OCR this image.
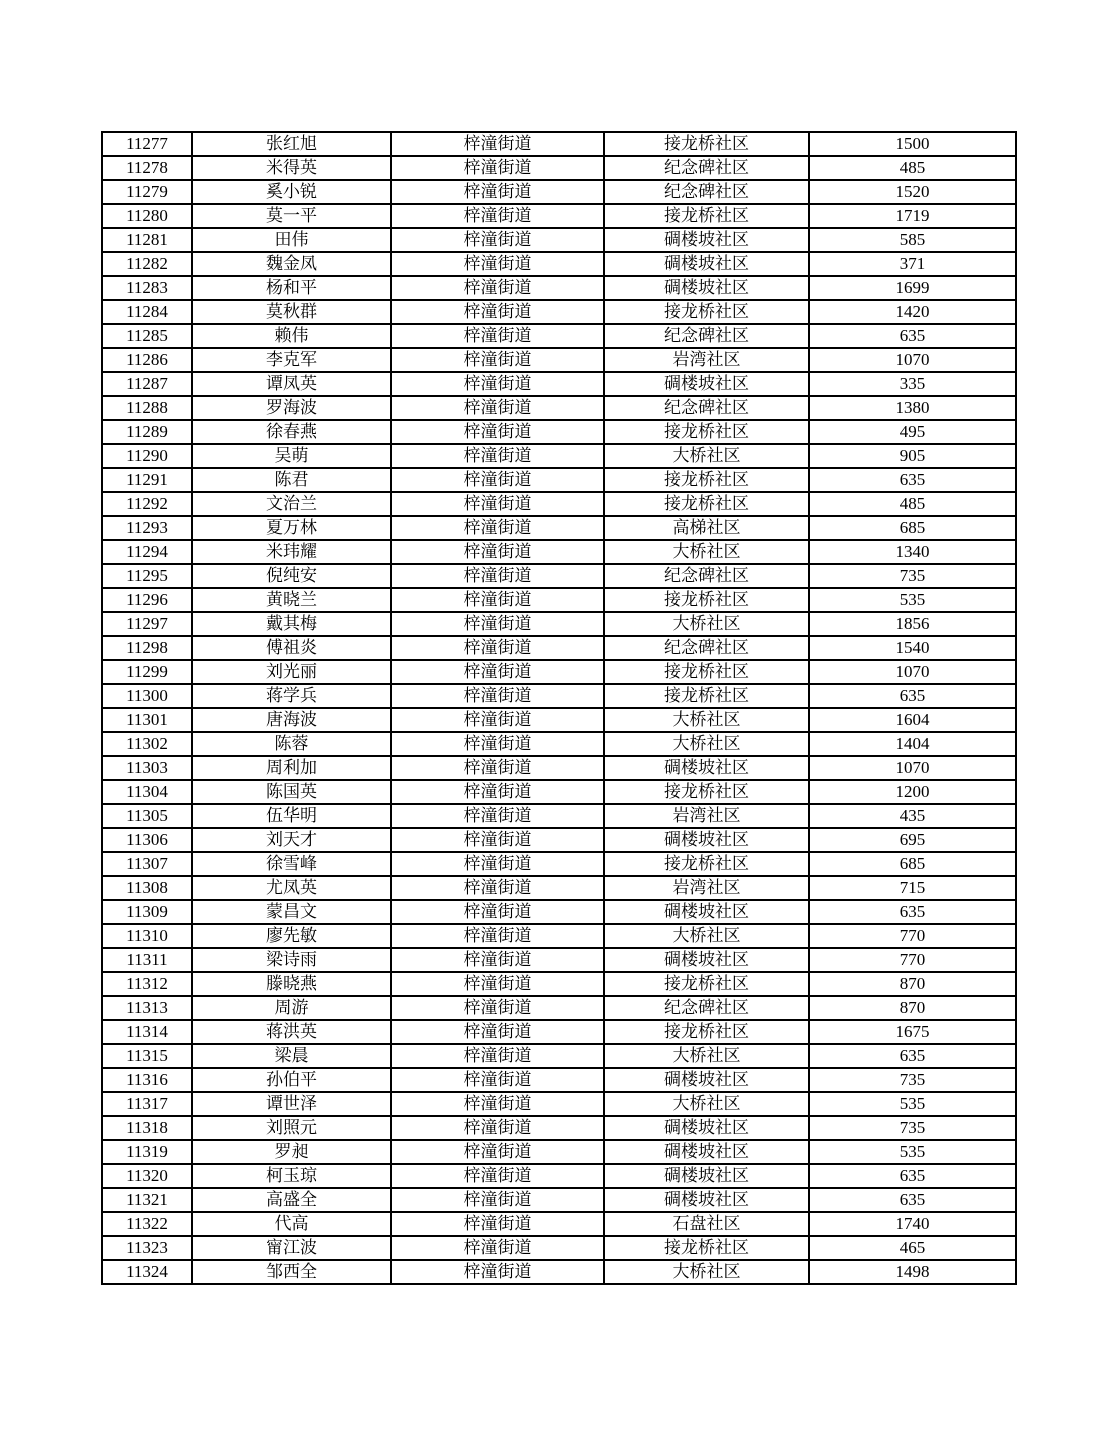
11277	张红旭	梓潼街道	接龙桥社区	1500
11278	米得英	梓潼街道	纪念碑社区	485
11279	奚小锐	梓潼街道	纪念碑社区	1520
11280	莫一平	梓潼街道	接龙桥社区	1719
11281	田伟	梓潼街道	碉楼坡社区	585
11282	魏金凤	梓潼街道	碉楼坡社区	371
11283	杨和平	梓潼街道	碉楼坡社区	1699
11284	莫秋群	梓潼街道	接龙桥社区	1420
11285	赖伟	梓潼街道	纪念碑社区	635
11286	李克军	梓潼街道	岩湾社区	1070
11287	谭凤英	梓潼街道	碉楼坡社区	335
11288	罗海波	梓潼街道	纪念碑社区	1380
11289	徐春燕	梓潼街道	接龙桥社区	495
11290	吴萌	梓潼街道	大桥社区	905
11291	陈君	梓潼街道	接龙桥社区	635
11292	文治兰	梓潼街道	接龙桥社区	485
11293	夏万林	梓潼街道	高梯社区	685
11294	米玮耀	梓潼街道	大桥社区	1340
11295	倪纯安	梓潼街道	纪念碑社区	735
11296	黄晓兰	梓潼街道	接龙桥社区	535
11297	戴其梅	梓潼街道	大桥社区	1856
11298	傅祖炎	梓潼街道	纪念碑社区	1540
11299	刘光丽	梓潼街道	接龙桥社区	1070
11300	蒋学兵	梓潼街道	接龙桥社区	635
11301	唐海波	梓潼街道	大桥社区	1604
11302	陈蓉	梓潼街道	大桥社区	1404
11303	周利加	梓潼街道	碉楼坡社区	1070
11304	陈国英	梓潼街道	接龙桥社区	1200
11305	伍华明	梓潼街道	岩湾社区	435
11306	刘天才	梓潼街道	碉楼坡社区	695
11307	徐雪峰	梓潼街道	接龙桥社区	685
11308	尤凤英	梓潼街道	岩湾社区	715
11309	蒙昌文	梓潼街道	碉楼坡社区	635
11310	廖先敏	梓潼街道	大桥社区	770
11311	梁诗雨	梓潼街道	碉楼坡社区	770
11312	滕晓燕	梓潼街道	接龙桥社区	870
11313	周游	梓潼街道	纪念碑社区	870
11314	蒋洪英	梓潼街道	接龙桥社区	1675
11315	梁晨	梓潼街道	大桥社区	635
11316	孙伯平	梓潼街道	碉楼坡社区	735
11317	谭世泽	梓潼街道	大桥社区	535
11318	刘照元	梓潼街道	碉楼坡社区	735
11319	罗昶	梓潼街道	碉楼坡社区	535
11320	柯玉琼	梓潼街道	碉楼坡社区	635
11321	高盛全	梓潼街道	碉楼坡社区	635
11322	代高	梓潼街道	石盘社区	1740
11323	甯江波	梓潼街道	接龙桥社区	465
11324	邹西全	梓潼街道	大桥社区	1498
